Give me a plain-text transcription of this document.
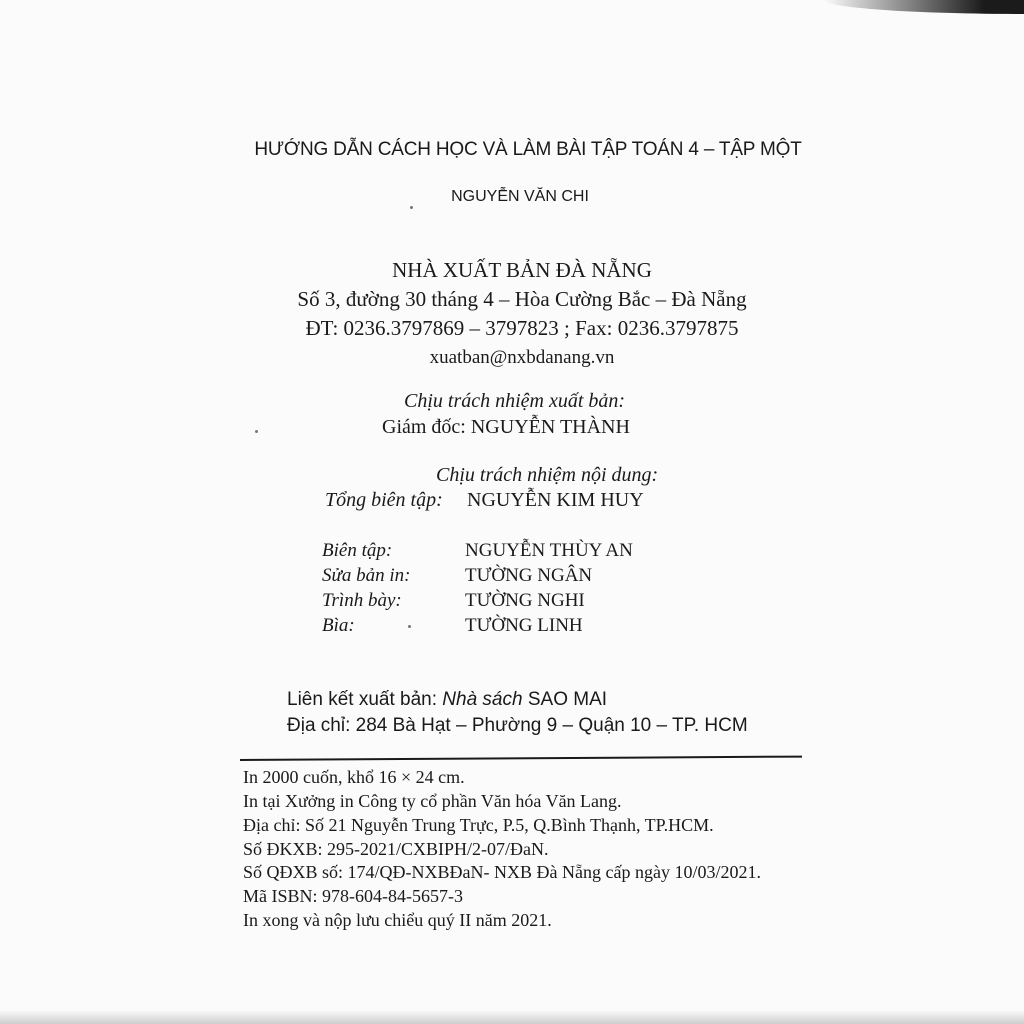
HƯỚNG DẪN CÁCH HỌC VÀ LÀM BÀI TẬP TOÁN 4 – TẬP MỘT
NGUYỄN VĂN CHI
NHÀ XUẤT BẢN ĐÀ NẴNG
Số 3, đường 30 tháng 4 – Hòa Cường Bắc – Đà Nẵng
ĐT: 0236.3797869 – 3797823 ; Fax: 0236.3797875
xuatban@nxbdanang.vn
Chịu trách nhiệm xuất bản:
Giám đốc: NGUYỄN THÀNH
Chịu trách nhiệm nội dung:
Tổng biên tập: NGUYỄN KIM HUY
Biên tập:	NGUYỄN THÙY AN
Sửa bản in:	TƯỜNG NGÂN
Trình bày:	TƯỜNG NGHI
Bìa:	TƯỜNG LINH
Liên kết xuất bản: Nhà sách SAO MAI
Địa chỉ: 284 Bà Hạt – Phường 9 – Quận 10 – TP. HCM
In 2000 cuốn, khổ 16 × 24 cm.
In tại Xưởng in Công ty cổ phần Văn hóa Văn Lang.
Địa chỉ: Số 21 Nguyễn Trung Trực, P.5, Q.Bình Thạnh, TP.HCM.
Số ĐKXB: 295-2021/CXBIPH/2-07/ĐaN.
Số QĐXB số: 174/QĐ-NXBĐaN- NXB Đà Nẵng cấp ngày 10/03/2021.
Mã ISBN: 978-604-84-5657-3
In xong và nộp lưu chiểu quý II năm 2021.
